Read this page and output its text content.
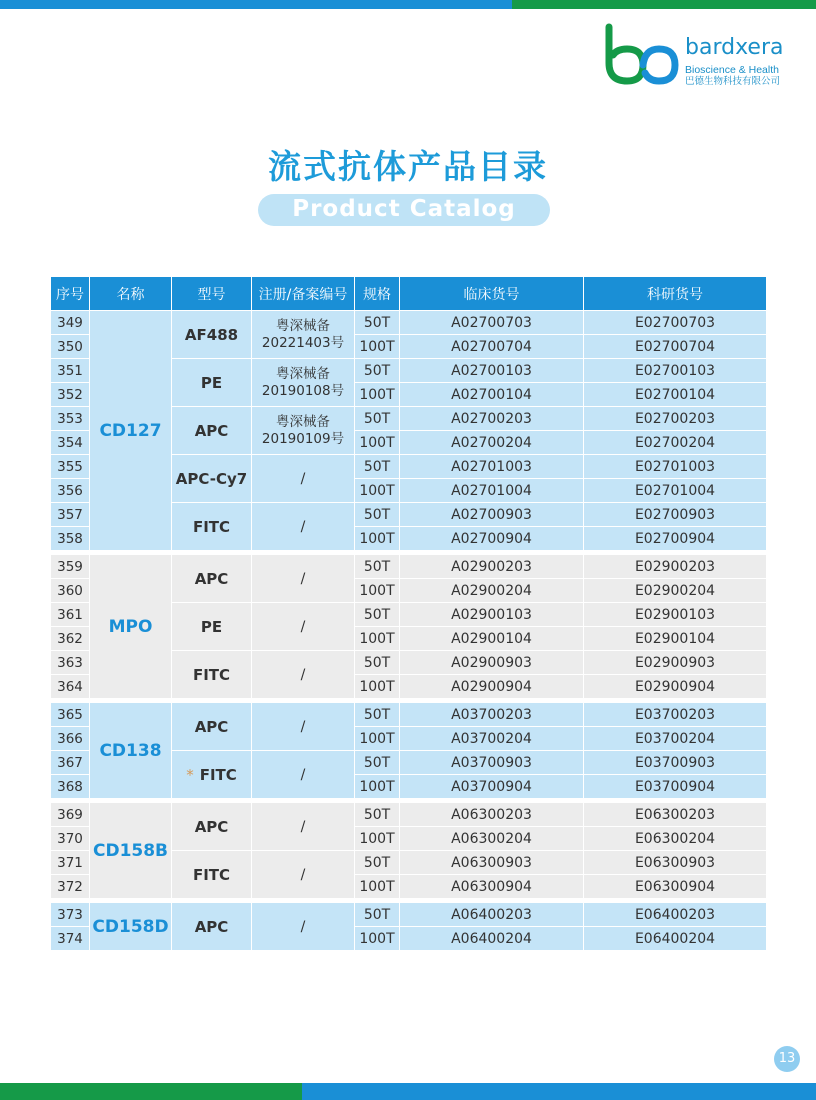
bardxera
Bioscience & Health
巴德生物科技有限公司
流式抗体产品目录
Product Catalog
序号	名称	型号	注册/备案编号	规格	临床货号	科研货号
349	CD127	AF488	粤深械备20221403号	50T	A02700703	E02700703
350				100T	A02700704	E02700704
351		PE	粤深械备20190108号	50T	A02700103	E02700103
352				100T	A02700104	E02700104
353		APC	粤深械备20190109号	50T	A02700203	E02700203
354				100T	A02700204	E02700204
355		APC-Cy7	/	50T	A02701003	E02701003
356				100T	A02701004	E02701004
357		FITC	/	50T	A02700903	E02700903
358				100T	A02700904	E02700904

359	MPO	APC	/	50T	A02900203	E02900203
360				100T	A02900204	E02900204
361		PE	/	50T	A02900103	E02900103
362				100T	A02900104	E02900104
363		FITC	/	50T	A02900903	E02900903
364				100T	A02900904	E02900904

365	CD138	APC	/	50T	A03700203	E03700203
366				100T	A03700204	E03700204
367		* FITC	/	50T	A03700903	E03700903
368				100T	A03700904	E03700904

369	CD158B	APC	/	50T	A06300203	E06300203
370				100T	A06300204	E06300204
371		FITC	/	50T	A06300903	E06300903
372				100T	A06300904	E06300904

373	CD158D	APC	/	50T	A06400203	E06400203
374				100T	A06400204	E06400204
13
